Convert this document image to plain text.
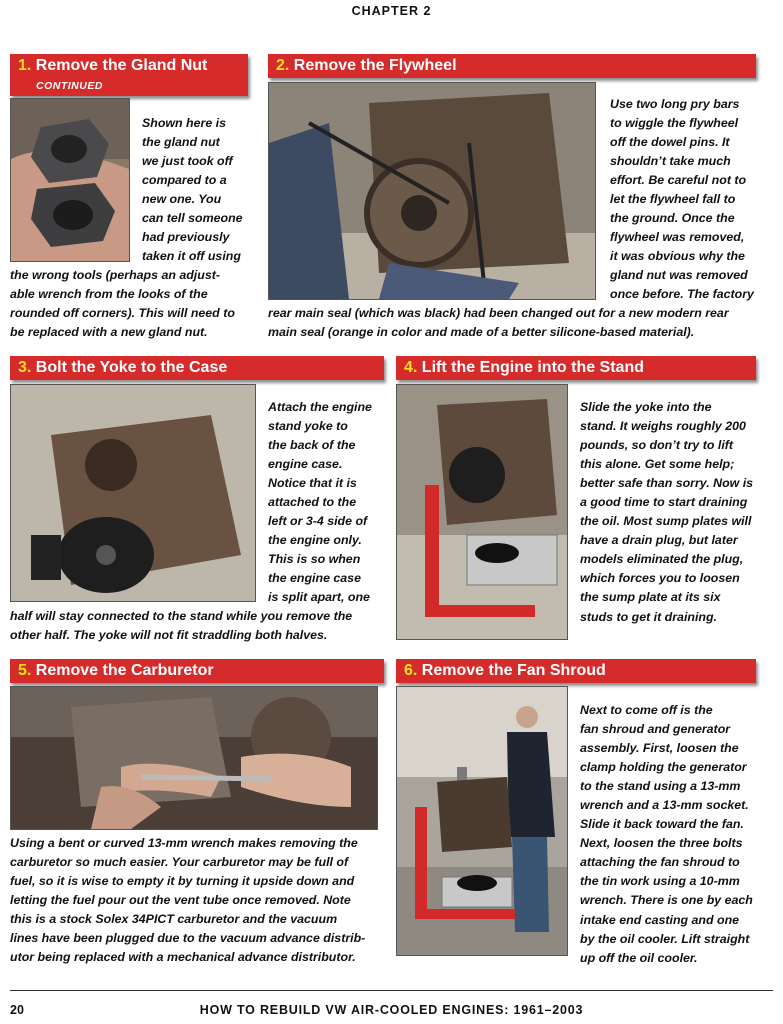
CHAPTER 2
1. Remove the Gland Nut
CONTINUED
Shown here is
the gland nut
we just took off
compared to a
new one. You
can tell someone
had previously
taken it off using
the wrong tools (perhaps an adjust-
able wrench from the looks of the
rounded off corners). This will need to
be replaced with a new gland nut.
2. Remove the Flywheel
Use two long pry bars
to wiggle the flywheel
off the dowel pins. It
shouldn’t take much
effort. Be careful not to
let the flywheel fall to
the ground. Once the
flywheel was removed,
it was obvious why the
gland nut was removed
once before. The factory
rear main seal (which was black) had been changed out for a new modern rear
main seal (orange in color and made of a better silicone-based material).
3. Bolt the Yoke to the Case
Attach the engine
stand yoke to
the back of the
engine case.
Notice that it is
attached to the
left or 3-4 side of
the engine only.
This is so when
the engine case
is split apart, one
half will stay connected to the stand while you remove the
other half. The yoke will not fit straddling both halves.
4. Lift the Engine into the Stand
Slide the yoke into the
stand. It weighs roughly 200
pounds, so don’t try to lift
this alone. Get some help;
better safe than sorry. Now is
a good time to start draining
the oil. Most sump plates will
have a drain plug, but later
models eliminated the plug,
which forces you to loosen
the sump plate at its six
studs to get it draining.
5. Remove the Carburetor
Using a bent or curved 13-mm wrench makes removing the
carburetor so much easier. Your carburetor may be full of
fuel, so it is wise to empty it by turning it upside down and
letting the fuel pour out the vent tube once removed. Note
this is a stock Solex 34PICT carburetor and the vacuum
lines have been plugged due to the vacuum advance distrib-
utor being replaced with a mechanical advance distributor.
6. Remove the Fan Shroud
Next to come off is the
fan shroud and generator
assembly. First, loosen the
clamp holding the generator
to the stand using a 13-mm
wrench and a 13-mm socket.
Slide it back toward the fan.
Next, loosen the three bolts
attaching the fan shroud to
the tin work using a 10-mm
wrench. There is one by each
intake end casting and one
by the oil cooler. Lift straight
up off the oil cooler.
20	HOW TO REBUILD VW AIR-COOLED ENGINES: 1961–2003
